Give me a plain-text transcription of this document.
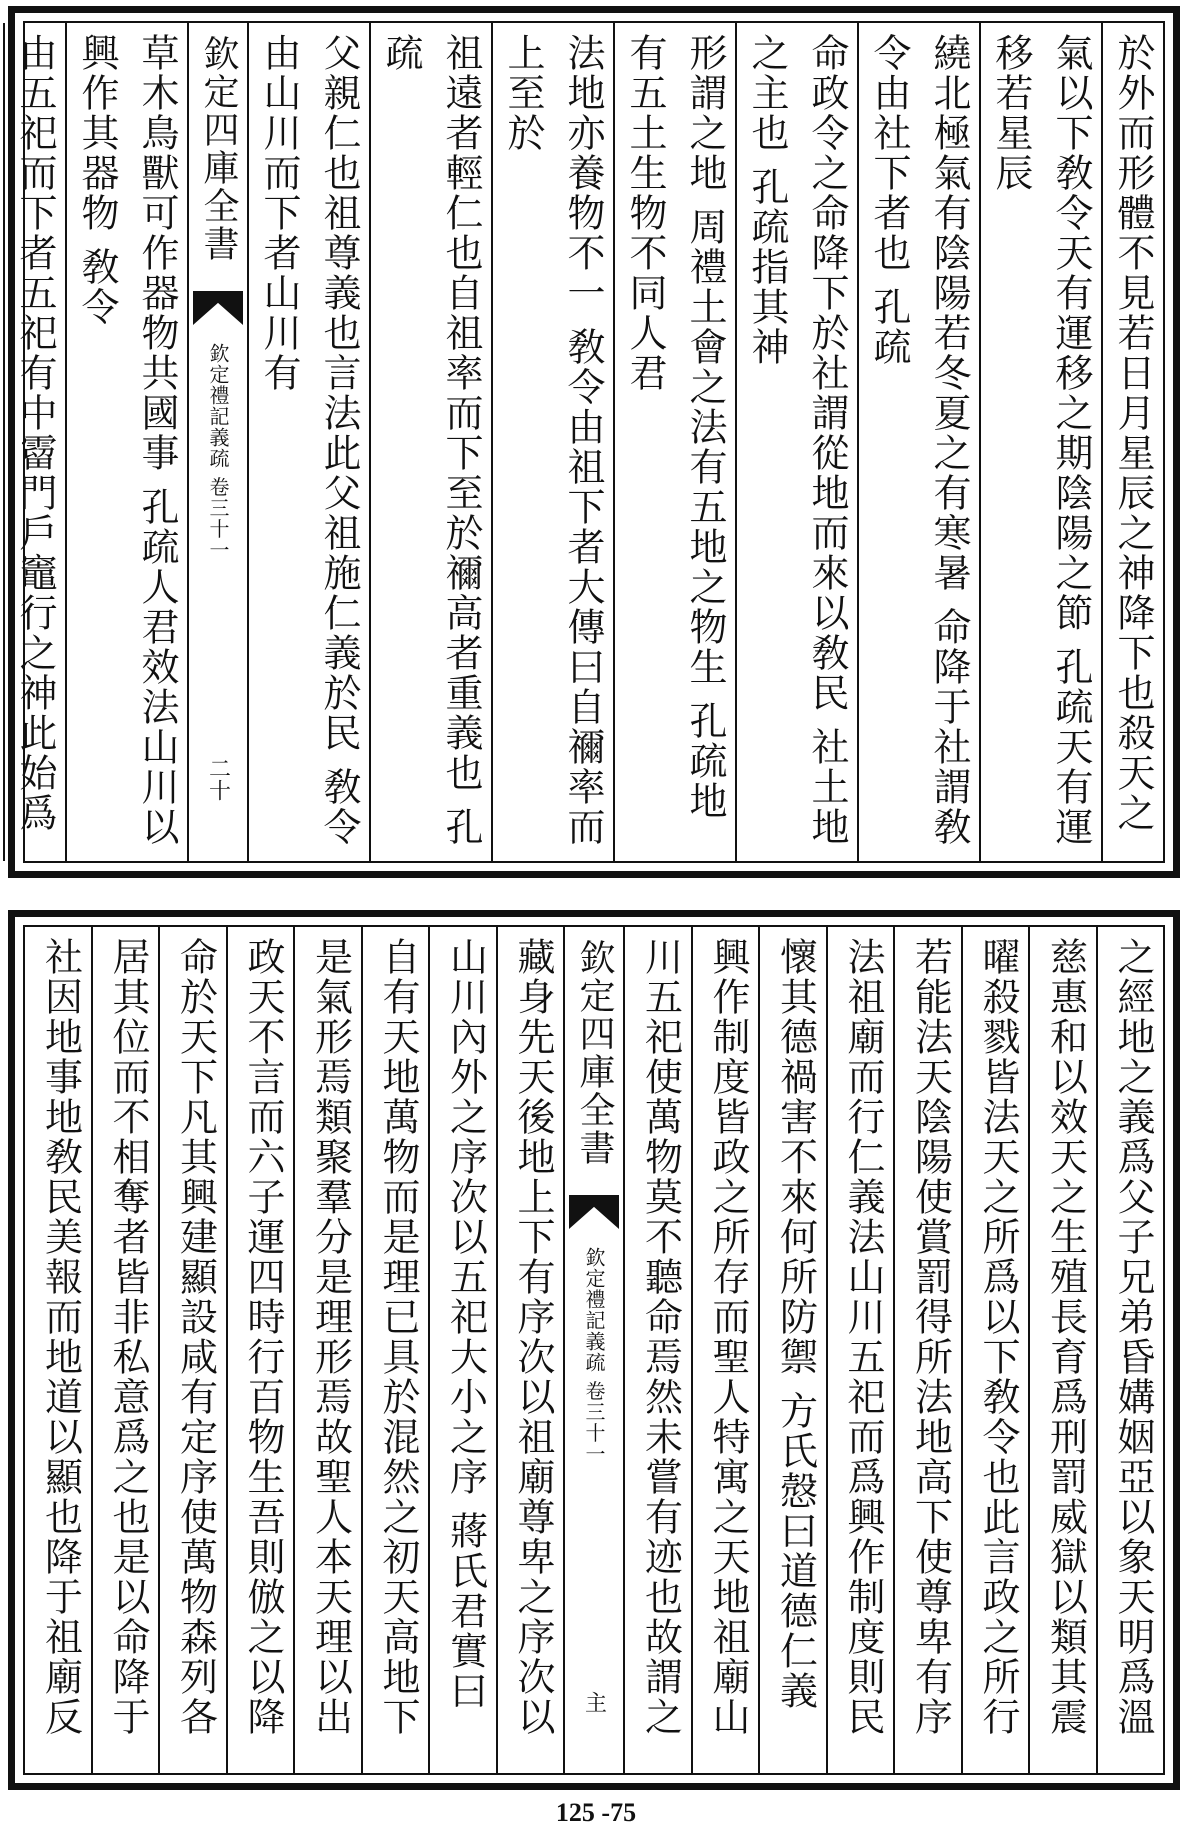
於外而形體不見若日月星辰之神降下也殺天之
氣以下敎令天有運移之期陰陽之節 孔疏天有運移若星辰
繞北極氣有陰陽若冬夏之有寒暑 命降于社謂敎令由社下者也 孔疏
命政令之命降下於社謂從地而來以敎民 社土地之主也 孔疏指其神
形謂之地 周禮土會之法有五地之物生 孔疏地有五土生物不同人君
法地亦養物不一 敎令由祖下者大傳曰自禰率而上至於
祖遠者輕仁也自祖率而下至於禰高者重義也 孔疏
父親仁也祖尊義也言法此父祖施仁義於民 敎令由山川而下者山川有
欽定四庫全書
欽定禮記義疏 卷三十一
二十
草木鳥獸可作器物共國事 孔疏人君效法山川以興作其器物 敎令
由五祀而下者五祀有中霤門戶竈行之神此始爲
之經地之義爲父子兄弟昏媾姻亞以象天明爲溫
慈惠和以效天之生殖長育爲刑罰威獄以類其震
曜殺戮皆法天之所爲以下敎令也此言政之所行
若能法天陰陽使賞罰得所法地高下使尊卑有序
法祖廟而行仁義法山川五祀而爲興作制度則民
懷其德禍害不來何所防禦 方氏慤曰道德仁義
興作制度皆政之所存而聖人特寓之天地祖廟山
川五祀使萬物莫不聽命焉然未嘗有迹也故謂之
欽定四庫全書
欽定禮記義疏 卷三十一
主
藏身先天後地上下有序次以祖廟尊卑之序次以
山川內外之序次以五祀大小之序 蔣氏君實曰
自有天地萬物而是理已具於混然之初天高地下
是氣形焉類聚羣分是理形焉故聖人本天理以出
政天不言而六子運四時行百物生吾則倣之以降
命於天下凡其興建顯設咸有定序使萬物森列各
居其位而不相奪者皆非私意爲之也是以命降于
社因地事地敎民美報而地道以顯也降于祖廟反
125 -75
